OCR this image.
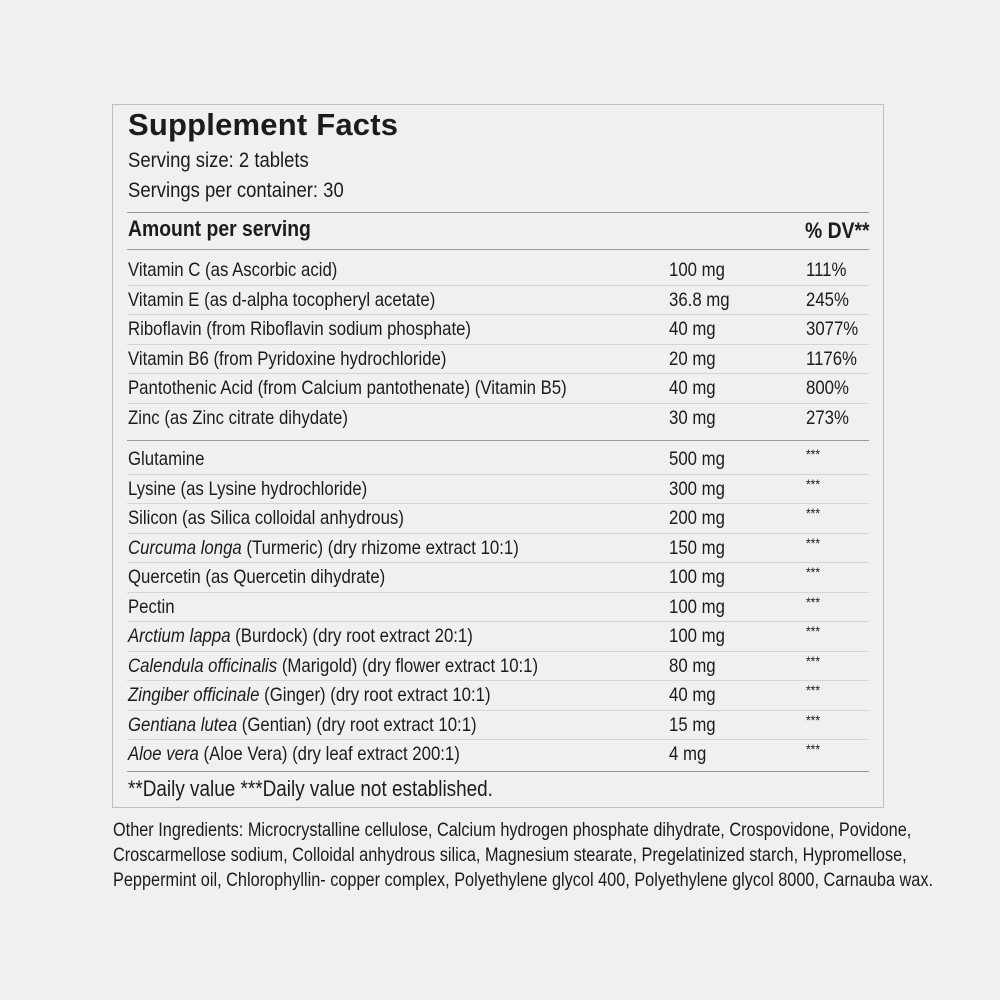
Supplement Facts
Serving size: 2 tablets
Servings per container: 30
Amount per serving	% DV**
Vitamin C (as Ascorbic acid)	100 mg	111%
Vitamin E (as d-alpha tocopheryl acetate)	36.8 mg	245%
Riboflavin (from Riboflavin sodium phosphate)	40 mg	3077%
Vitamin B6 (from Pyridoxine hydrochloride)	20 mg	1176%
Pantothenic Acid (from Calcium pantothenate) (Vitamin B5)	40 mg	800%
Zinc (as Zinc citrate dihydate)	30 mg	273%
Glutamine	500 mg	***
Lysine (as Lysine hydrochloride)	300 mg	***
Silicon (as Silica colloidal anhydrous)	200 mg	***
Curcuma longa (Turmeric) (dry rhizome extract 10:1)	150 mg	***
Quercetin (as Quercetin dihydrate)	100 mg	***
Pectin	100 mg	***
Arctium lappa (Burdock) (dry root extract 20:1)	100 mg	***
Calendula officinalis (Marigold) (dry flower extract 10:1)	80 mg	***
Zingiber officinale (Ginger) (dry root extract 10:1)	40 mg	***
Gentiana lutea (Gentian) (dry root extract 10:1)	15 mg	***
Aloe vera (Aloe Vera) (dry leaf extract 200:1)	4 mg	***
**Daily value ***Daily value not established.
Other Ingredients: Microcrystalline cellulose, Calcium hydrogen phosphate dihydrate, Crospovidone, Povidone,
Croscarmellose sodium, Colloidal anhydrous silica, Magnesium stearate, Pregelatinized starch, Hypromellose,
Peppermint oil, Chlorophyllin- copper complex, Polyethylene glycol 400, Polyethylene glycol 8000, Carnauba wax.
